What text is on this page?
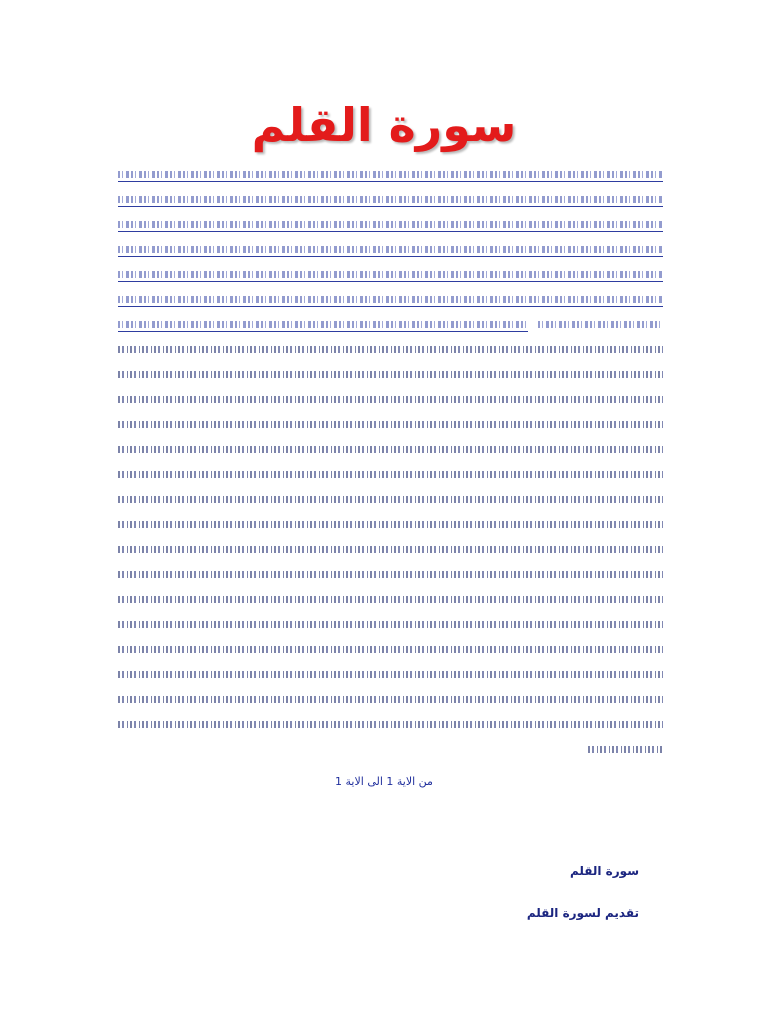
سورة القلم
من الاية 1 الى الاية 1
سورة القلم
تقديم لسورة القلم
